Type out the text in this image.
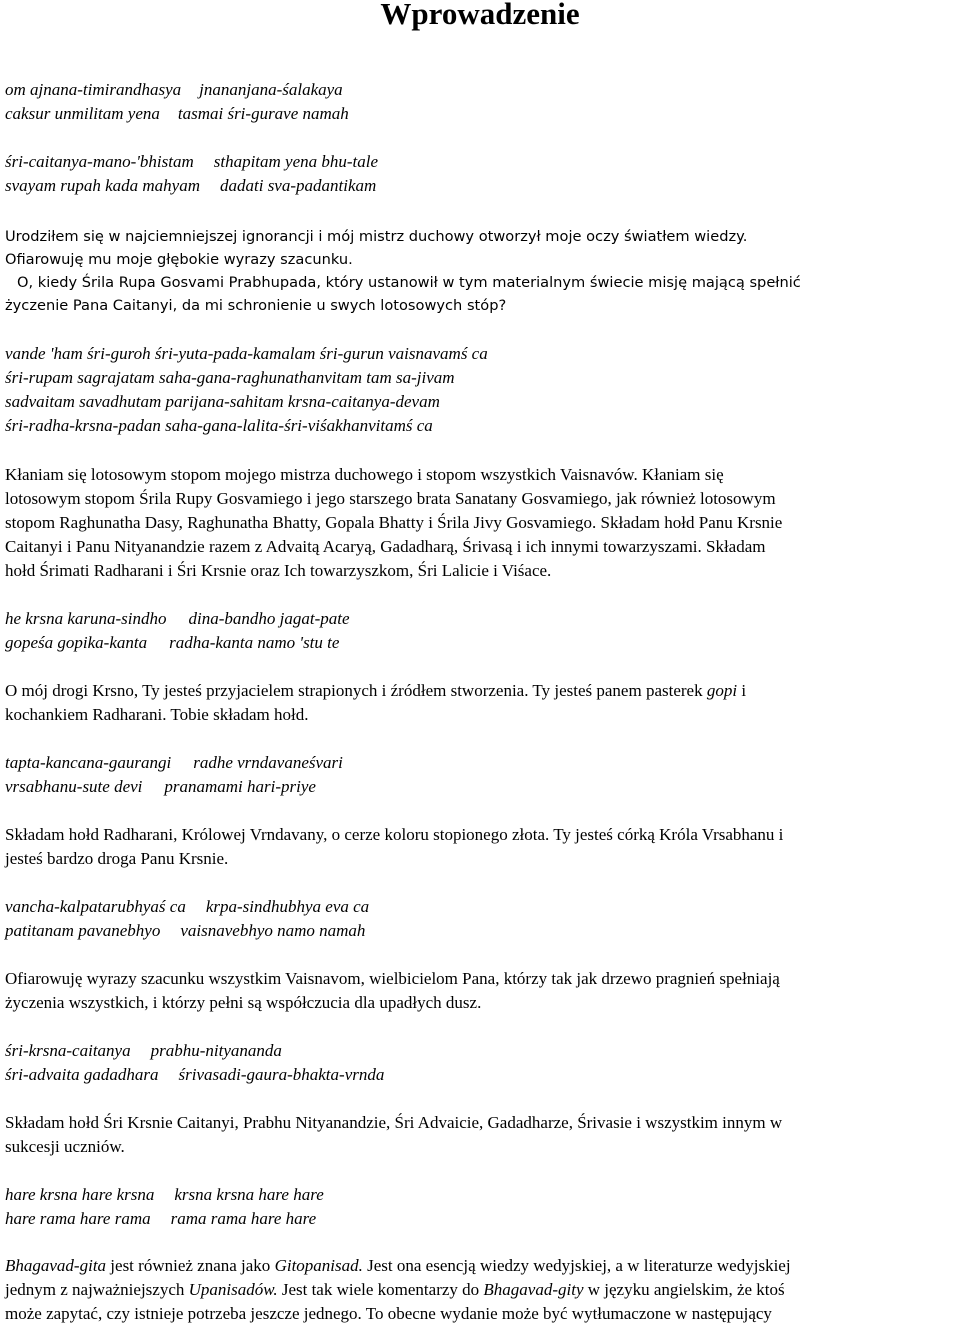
Wprowadzenie
om ajnana-timirandhasya jnananjana-śalakaya
caksur unmilitam yena tasmai śri-gurave namah
śri-caitanya-mano-'bhistam sthapitam yena bhu-tale
svayam rupah kada mahyam dadati sva-padantikam
Urodziłem się w najciemniejszej ignorancji i mój mistrz duchowy otworzył moje oczy światłem wiedzy.
Ofiarowuję mu moje głębokie wyrazy szacunku.
O, kiedy Śrila Rupa Gosvami Prabhupada, który ustanowił w tym materialnym świecie misję mającą spełnić
życzenie Pana Caitanyi, da mi schronienie u swych lotosowych stóp?
vande 'ham śri-guroh śri-yuta-pada-kamalam śri-gurun vaisnavamś ca
śri-rupam sagrajatam saha-gana-raghunathanvitam tam sa-jivam
sadvaitam savadhutam parijana-sahitam krsna-caitanya-devam
śri-radha-krsna-padan saha-gana-lalita-śri-viśakhanvitamś ca
Kłaniam się lotosowym stopom mojego mistrza duchowego i stopom wszystkich Vaisnavów. Kłaniam się
lotosowym stopom Śrila Rupy Gosvamiego i jego starszego brata Sanatany Gosvamiego, jak również lotosowym
stopom Raghunatha Dasy, Raghunatha Bhatty, Gopala Bhatty i Śrila Jivy Gosvamiego. Składam hołd Panu Krsnie
Caitanyi i Panu Nityanandzie razem z Advaitą Acaryą, Gadadharą, Śrivasą i ich innymi towarzyszami. Składam
hołd Śrimati Radharani i Śri Krsnie oraz Ich towarzyszkom, Śri Lalicie i Viśace.
he krsna karuna-sindho dina-bandho jagat-pate
gopeśa gopika-kanta radha-kanta namo 'stu te
O mój drogi Krsno, Ty jesteś przyjacielem strapionych i źródłem stworzenia. Ty jesteś panem pasterek gopi i
kochankiem Radharani. Tobie składam hołd.
tapta-kancana-gaurangi radhe vrndavaneśvari
vrsabhanu-sute devi pranamami hari-priye
Składam hołd Radharani, Królowej Vrndavany, o cerze koloru stopionego złota. Ty jesteś córką Króla Vrsabhanu i
jesteś bardzo droga Panu Krsnie.
vancha-kalpatarubhyaś ca krpa-sindhubhya eva ca
patitanam pavanebhyo vaisnavebhyo namo namah
Ofiarowuję wyrazy szacunku wszystkim Vaisnavom, wielbicielom Pana, którzy tak jak drzewo pragnień spełniają
życzenia wszystkich, i którzy pełni są współczucia dla upadłych dusz.
śri-krsna-caitanya prabhu-nityananda
śri-advaita gadadhara śrivasadi-gaura-bhakta-vrnda
Składam hołd Śri Krsnie Caitanyi, Prabhu Nityanandzie, Śri Advaicie, Gadadharze, Śrivasie i wszystkim innym w
sukcesji uczniów.
hare krsna hare krsna krsna krsna hare hare
hare rama hare rama rama rama hare hare
Bhagavad-gita jest również znana jako Gitopanisad. Jest ona esencją wiedzy wedyjskiej, a w literaturze wedyjskiej
jednym z najważniejszych Upanisadów. Jest tak wiele komentarzy do Bhagavad-gity w języku angielskim, że ktoś
może zapytać, czy istnieje potrzeba jeszcze jednego. To obecne wydanie może być wytłumaczone w następujący
